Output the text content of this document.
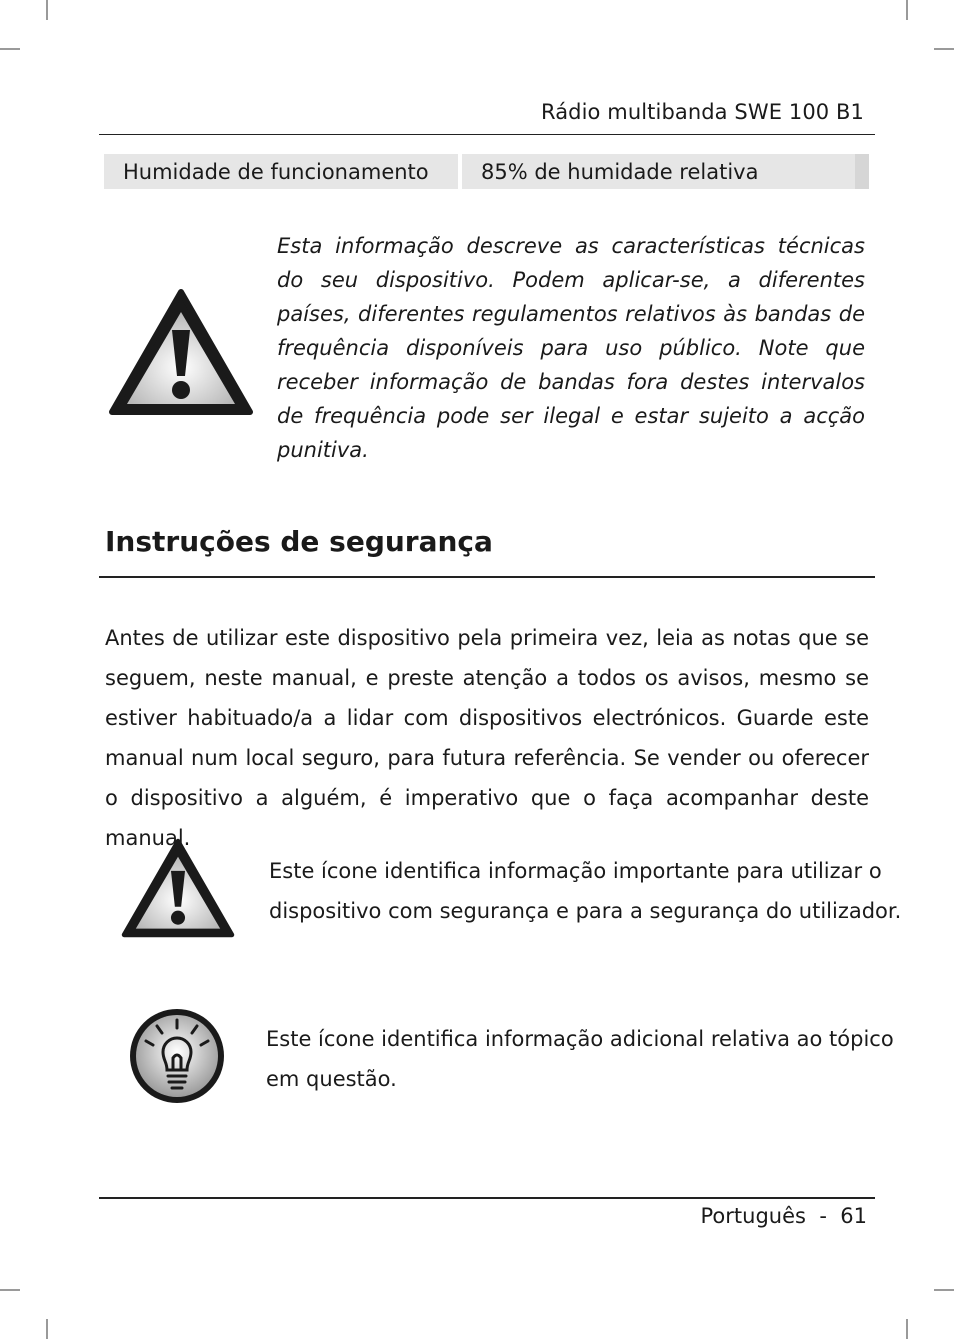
Rádio multibanda SWE 100 B1
Humidade de funcionamento	85% de humidade relativa
Esta informação descreve as características técnicas do seu dispositivo. Podem aplicar-se, a diferentes países, diferentes regulamentos relativos às bandas de frequência disponíveis para uso público. Note que receber informação de bandas fora destes intervalos de frequência pode ser ilegal e estar sujeito a acção punitiva.
Instruções de segurança
Antes de utilizar este dispositivo pela primeira vez, leia as notas que se seguem, neste manual, e preste atenção a todos os avisos, mesmo se estiver habituado/a a lidar com dispositivos electrónicos. Guarde este manual num local seguro, para futura referência. Se vender ou oferecer o dispositivo a alguém, é imperativo que o faça acompanhar deste manual.
Este ícone identifica informação importante para utilizar o dispositivo com segurança e para a segurança do utilizador.
Este ícone identifica informação adicional relativa ao tópico em questão.
Português - 61
